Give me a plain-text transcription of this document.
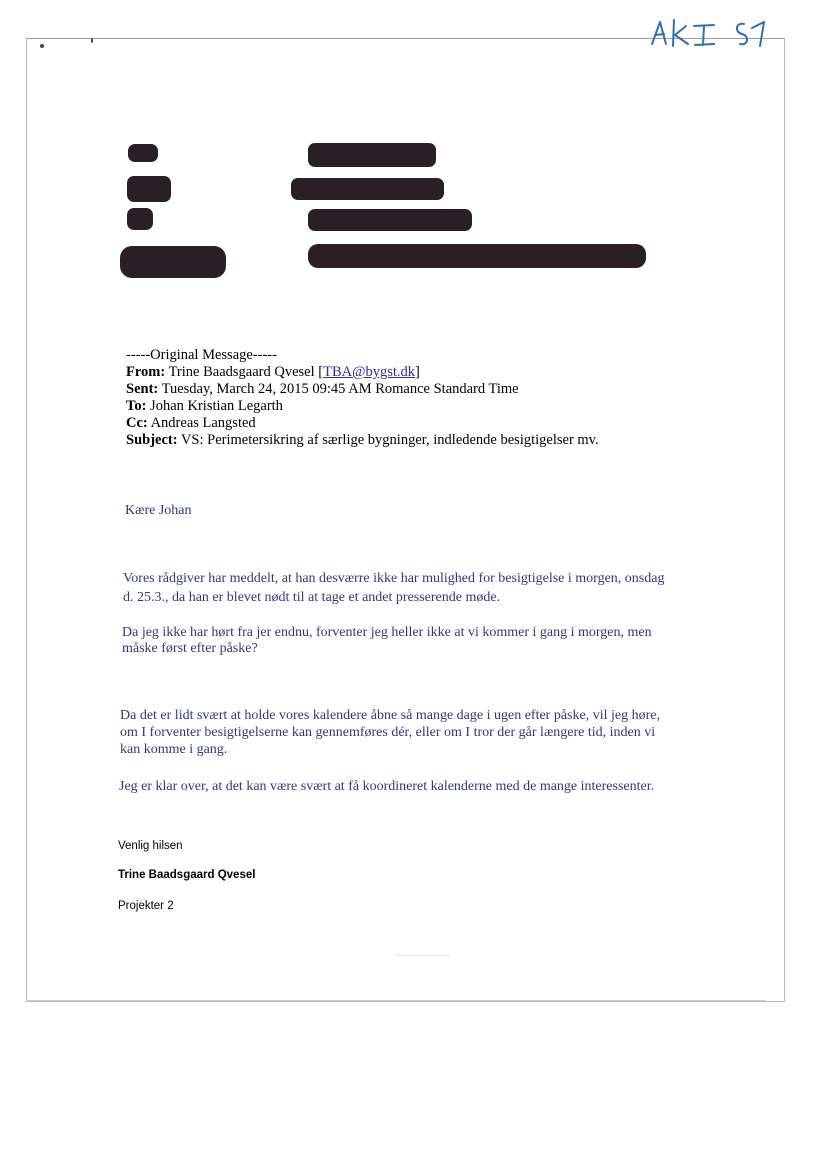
-----Original Message-----
From: Trine Baadsgaard Qvesel [TBA@bygst.dk]
Sent: Tuesday, March 24, 2015 09:45 AM Romance Standard Time
To: Johan Kristian Legarth
Cc: Andreas Langsted
Subject: VS: Perimetersikring af særlige bygninger, indledende besigtigelser mv.
Kære Johan
Vores rådgiver har meddelt, at han desværre ikke har mulighed for besigtigelse i morgen, onsdag
d. 25.3., da han er blevet nødt til at tage et andet presserende møde.
Da jeg ikke har hørt fra jer endnu, forventer jeg heller ikke at vi kommer i gang i morgen, men
måske først efter påske?
Da det er lidt svært at holde vores kalendere åbne så mange dage i ugen efter påske, vil jeg høre,
om I forventer besigtigelserne kan gennemføres dér, eller om I tror der går længere tid, inden vi
kan komme i gang.
Jeg er klar over, at det kan være svært at få koordineret kalenderne med de mange interessenter.
Venlig hilsen
Trine Baadsgaard Qvesel
Projekter 2
